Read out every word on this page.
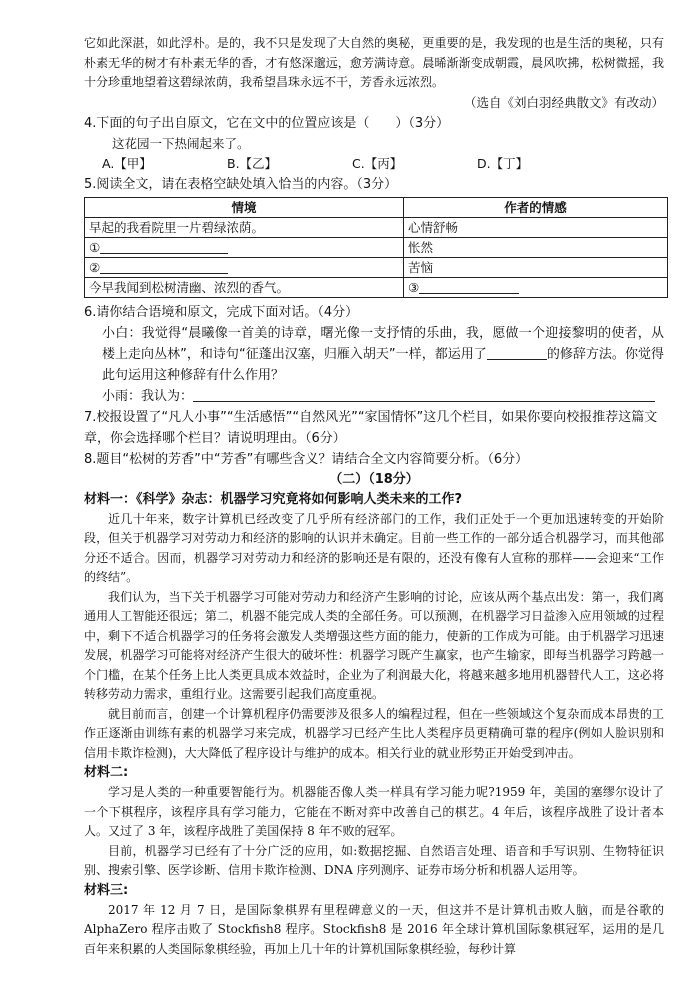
它如此深湛，如此浮朴。是的，我不只是发现了大自然的奥秘，更重要的是，我发现的也是生活的奥秘，只有朴素无华的树才有朴素无华的香，才有悠深邈远，愈芳满诗意。晨晞渐渐变成朝霞，晨风吹拂，松树微摇，我十分珍重地望着这碧绿浓荫，我希望昌珠永远不干，芳香永远浓烈。

（选自《刘白羽经典散文》有改动）

4.下面的句子出自原文，它在文中的位置应该是（　　）（3分）

这花园一下热闹起来了。

A.【甲】	B.【乙】	C.【丙】	D.【丁】

5.阅读全文，请在表格空缺处填入恰当的内容。（3分）

情境	作者的情感
早起的我看院里一片碧绿浓荫。	心情舒畅
①	怅然
②	苦恼
今早我闻到松树清幽、浓烈的香气。	③

6.请你结合语境和原文，完成下面对话。（4分）

小白：我觉得“晨曦像一首美的诗章，曙光像一支抒情的乐曲，我，愿做一个迎接黎明的使者，从楼上走向丛林”，和诗句“征蓬出汉塞，归雁入胡天”一样，都运用了	的修辞方法。你觉得此句运用这种修辞有什么作用？

小雨：我认为：

7.校报设置了“凡人小事”“生活感悟”“自然风光”“家国情怀”这几个栏目，如果你要向校报推荐这篇文章，你会选择哪个栏目？请说明理由。（6分）

8.题目“松树的芳香”中“芳香”有哪些含义？请结合全文内容简要分析。（6分）

（二）（18分）

材料一：《科学》杂志：机器学习究竟将如何影响人类未来的工作?

近几十年来，数字计算机已经改变了几乎所有经济部门的工作，我们正处于一个更加迅速转变的开始阶段，但关于机器学习对劳动力和经济的影响的认识并未确定。目前一些工作的一部分适合机器学习，而其他部分还不适合。因而，机器学习对劳动力和经济的影响还是有限的，还没有像有人宣称的那样——会迎来“工作的终结”。

我们认为，当下关于机器学习可能对劳动力和经济产生影响的讨论，应该从两个基点出发：第一，我们离通用人工智能还很远；第二，机器不能完成人类的全部任务。可以预测，在机器学习日益渗入应用领域的过程中，剩下不适合机器学习的任务将会激发人类增强这些方面的能力，使新的工作成为可能。由于机器学习迅速发展，机器学习可能将对经济产生很大的破坏性：机器学习既产生赢家，也产生输家，即每当机器学习跨越一个门槛，在某个任务上比人类更具成本效益时，企业为了利润最大化，将越来越多地用机器替代人工，这必将转移劳动力需求，重组行业。这需要引起我们高度重视。

就目前而言，创建一个计算机程序仍需要涉及很多人的编程过程，但在一些领域这个复杂而成本昂贵的工作正逐渐由训练有素的机器学习来完成，机器学习已经产生比人类程序员更精确可靠的程序(例如人脸识别和信用卡欺诈检测)，大大降低了程序设计与维护的成本。相关行业的就业形势正开始受到冲击。

材料二:

学习是人类的一种重要智能行为。机器能否像人类一样具有学习能力呢?1959 年，美国的塞缪尔设计了一个下棋程序，该程序具有学习能力，它能在不断对弈中改善自己的棋艺。4 年后，该程序战胜了设计者本人。又过了 3 年，该程序战胜了美国保持 8 年不败的冠军。

目前，机器学习已经有了十分广泛的应用，如:数据挖掘、自然语言处理、语音和手写识别、生物特征识别、搜索引擎、医学诊断、信用卡欺诈检测、DNA 序列测序、证券市场分析和机器人运用等。

材料三:

2017 年 12 月 7 日，是国际象棋界有里程碑意义的一天，但这并不是计算机击败人脑，而是谷歌的 AlphaZero 程序击败了 Stockfish8 程序。Stockfish8 是 2016 年全球计算机国际象棋冠军，运用的是几百年来积累的人类国际象棋经验，再加上几十年的计算机国际象棋经验，每秒计算
